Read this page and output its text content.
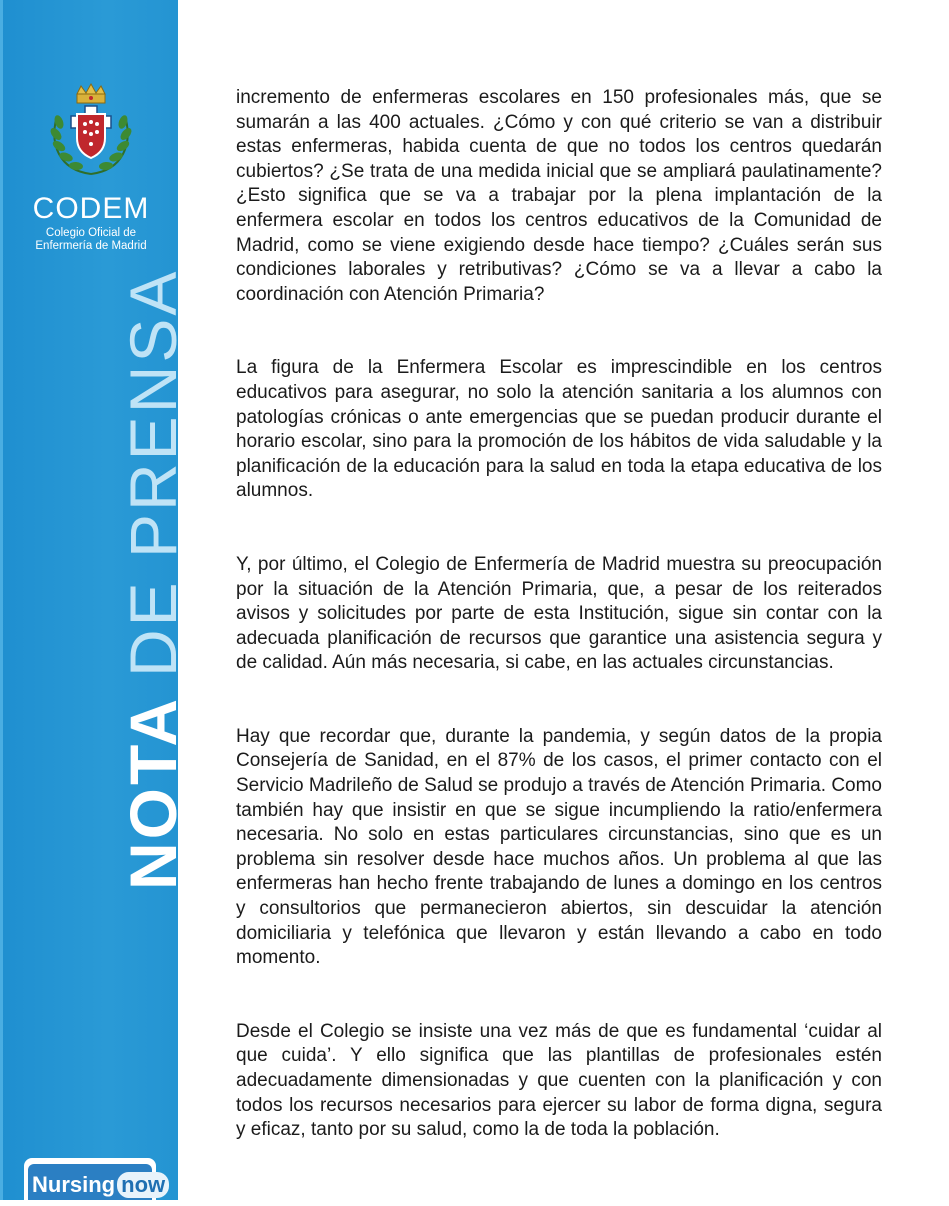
CODEM
Colegio Oficial de
Enfermería de Madrid
NOTA DE PRENSA
Nursing now

incremento de enfermeras escolares en 150 profesionales más, que se sumarán a las 400 actuales. ¿Cómo y con qué criterio se van a distribuir estas enfermeras, habida cuenta de que no todos los centros quedarán cubiertos? ¿Se trata de una medida inicial que se ampliará paulatinamente? ¿Esto significa que se va a trabajar por la plena implantación de la enfermera escolar en todos los centros educativos de la Comunidad de Madrid, como se viene exigiendo desde hace tiempo? ¿Cuáles serán sus condiciones laborales y retributivas? ¿Cómo se va a llevar a cabo la coordinación con Atención Primaria?

La figura de la Enfermera Escolar es imprescindible en los centros educativos para asegurar, no solo la atención sanitaria a los alumnos con patologías crónicas o ante emergencias que se puedan producir durante el horario escolar, sino para la promoción de los hábitos de vida saludable y la planificación de la educación para la salud en toda la etapa educativa de los alumnos.

Y, por último, el Colegio de Enfermería de Madrid muestra su preocupación por la situación de la Atención Primaria, que, a pesar de los reiterados avisos y solicitudes por parte de esta Institución, sigue sin contar con la adecuada planificación de recursos que garantice una asistencia segura y de calidad. Aún más necesaria, si cabe, en las actuales circunstancias.

Hay que recordar que, durante la pandemia, y según datos de la propia Consejería de Sanidad, en el 87% de los casos, el primer contacto con el Servicio Madrileño de Salud se produjo a través de Atención Primaria. Como también hay que insistir en que se sigue incumpliendo la ratio/enfermera necesaria. No solo en estas particulares circunstancias, sino que es un problema sin resolver desde hace muchos años. Un problema al que las enfermeras han hecho frente trabajando de lunes a domingo en los centros y consultorios que permanecieron abiertos, sin descuidar la atención domiciliaria y telefónica que llevaron y están llevando a cabo en todo momento.

Desde el Colegio se insiste una vez más de que es fundamental ‘cuidar al que cuida’. Y ello significa que las plantillas de profesionales estén adecuadamente dimensionadas y que cuenten con la planificación y con todos los recursos necesarios para ejercer su labor de forma digna, segura y eficaz, tanto por su salud, como la de toda la población.
